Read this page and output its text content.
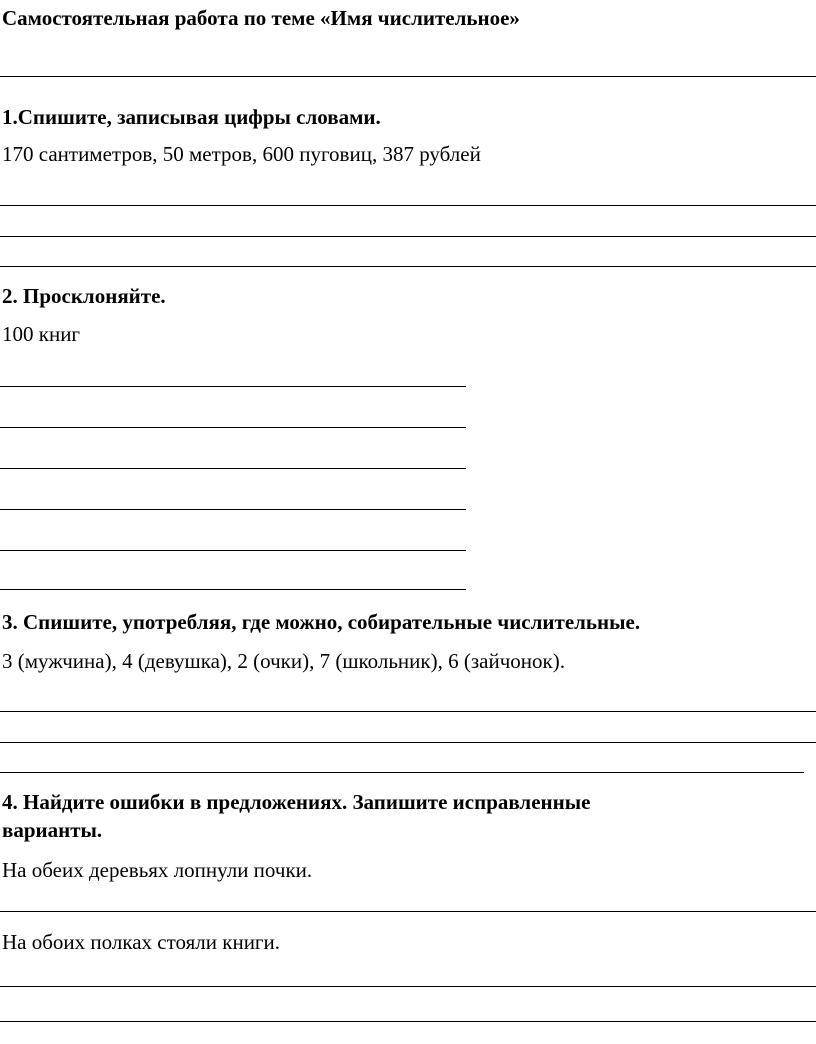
Самостоятельная работа по теме «Имя числительное»
1.Спишите, записывая цифры словами.
170 сантиметров, 50 метров, 600 пуговиц, 387 рублей
2. Просклоняйте.
100 книг
3. Спишите, употребляя, где можно, собирательные числительные.
3 (мужчина), 4 (девушка), 2 (очки), 7 (школьник), 6 (зайчонок).
4. Найдите ошибки в предложениях. Запишите исправленные
варианты.
На обеих деревьях лопнули почки.
На обоих полках стояли книги.
